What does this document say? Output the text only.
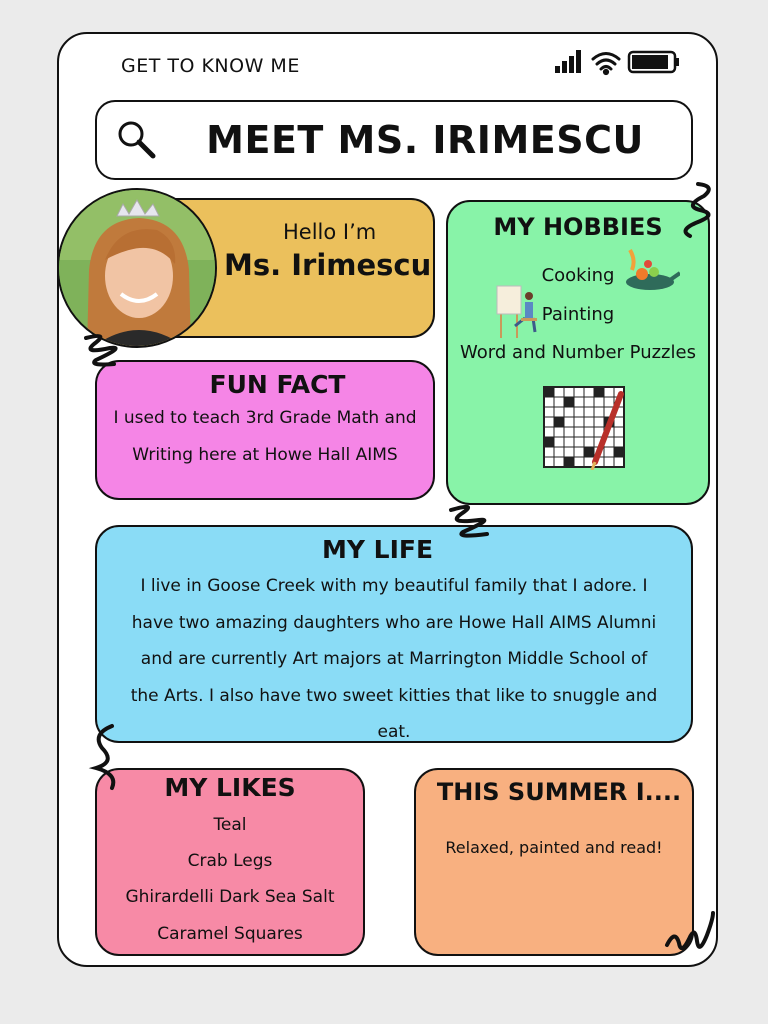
GET TO KNOW ME
MEET MS. IRIMESCU
Hello I’m
Ms. Irimescu
MY HOBBIES
Cooking
Painting
Word and Number Puzzles
FUN FACT
I used to teach 3rd Grade Math and
Writing here at Howe Hall AIMS
MY LIFE
I live in Goose Creek with my beautiful family that I adore. I
have two amazing daughters who are Howe Hall AIMS Alumni
and are currently Art majors at Marrington Middle School of
the Arts. I also have two sweet kitties that like to snuggle and
eat.
MY LIKES
Teal
Crab Legs
Ghirardelli Dark Sea Salt
Caramel Squares
THIS SUMMER I....
Relaxed, painted and read!
